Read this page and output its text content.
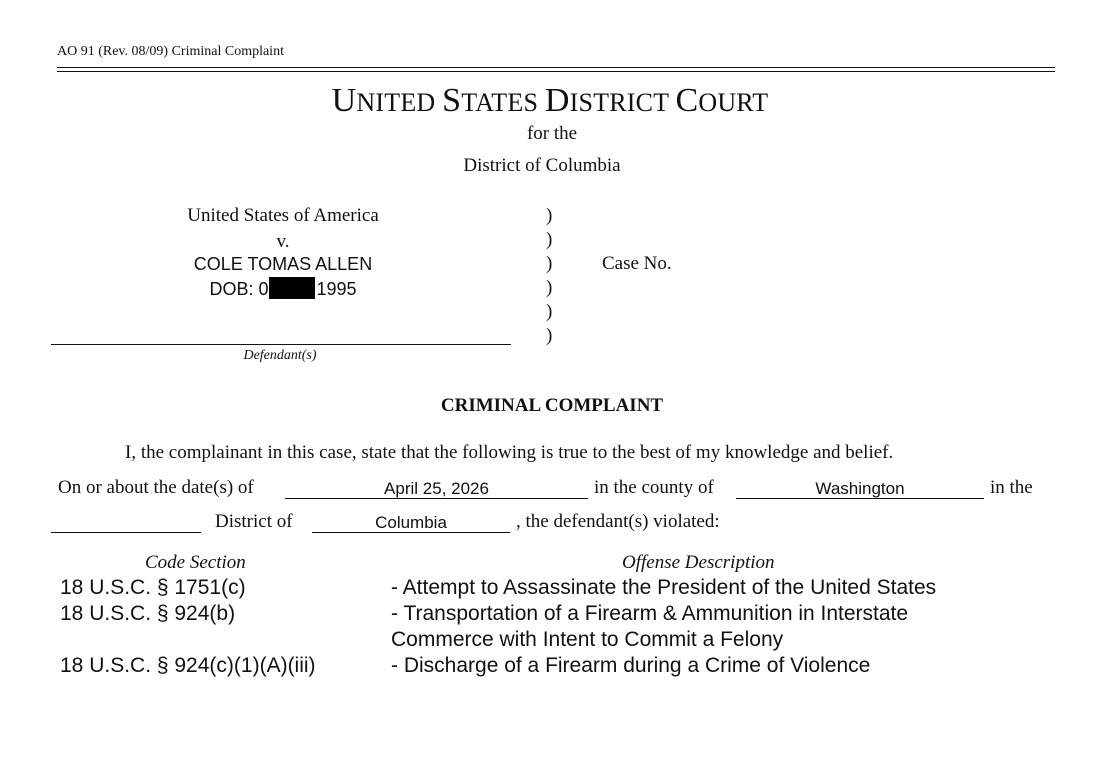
AO 91 (Rev. 08/09) Criminal Complaint
UNITED STATES DISTRICT COURT
for the
District of Columbia
United States of America
v.
COLE TOMAS ALLEN
DOB: 0	1995
Defendant(s)
)
)
)
)
)
)
Case No.
CRIMINAL COMPLAINT
I, the complainant in this case, state that the following is true to the best of my knowledge and belief.
On or about the date(s) of	April 25, 2026	in the county of	Washington	in the
District of	Columbia	, the defendant(s) violated:
Code Section	Offense Description
18 U.S.C. § 1751(c)	- Attempt to Assassinate the President of the United States
18 U.S.C. § 924(b)	- Transportation of a Firearm & Ammunition in Interstate
Commerce with Intent to Commit a Felony
18 U.S.C. § 924(c)(1)(A)(iii)	- Discharge of a Firearm during a Crime of Violence
